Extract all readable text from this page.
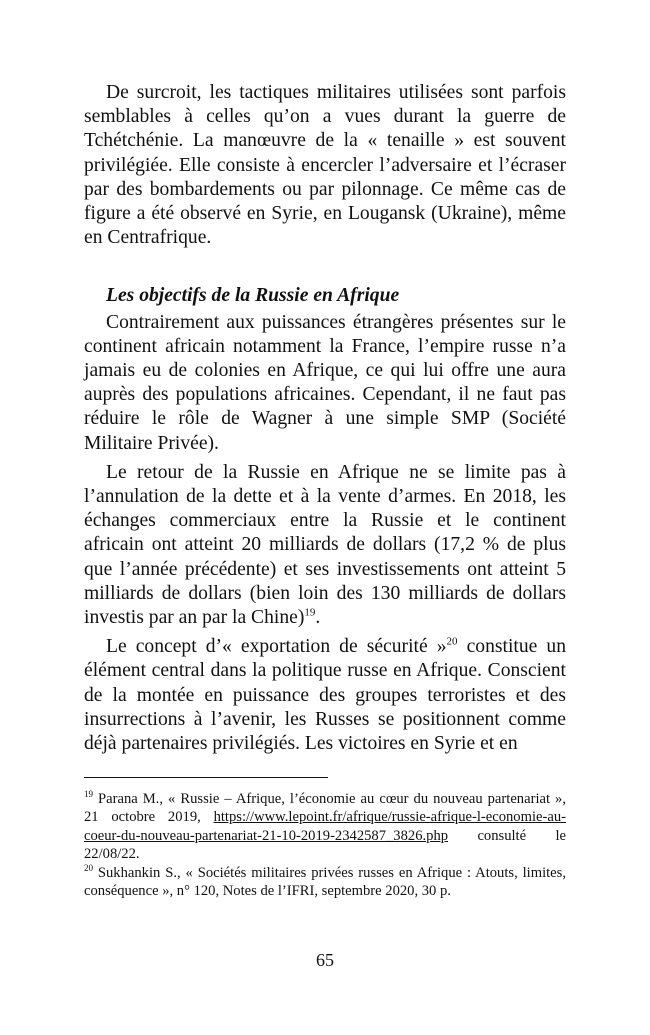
De surcroit, les tactiques militaires utilisées sont parfois semblables à celles qu’on a vues durant la guerre de Tchétchénie. La manœuvre de la « tenaille » est souvent privilégiée. Elle consiste à encercler l’adversaire et l’écraser par des bombardements ou par pilonnage. Ce même cas de figure a été observé en Syrie, en Lougansk (Ukraine), même en Centrafrique.

Les objectifs de la Russie en Afrique

Contrairement aux puissances étrangères présentes sur le continent africain notamment la France, l’empire russe n’a jamais eu de colonies en Afrique, ce qui lui offre une aura auprès des populations africaines. Cependant, il ne faut pas réduire le rôle de Wagner à une simple SMP (Société Militaire Privée).

Le retour de la Russie en Afrique ne se limite pas à l’annulation de la dette et à la vente d’armes. En 2018, les échanges commerciaux entre la Russie et le continent africain ont atteint 20 milliards de dollars (17,2 % de plus que l’année précédente) et ses investissements ont atteint 5 milliards de dollars (bien loin des 130 milliards de dollars investis par an par la Chine)$^{19}$.

Le concept d’« exportation de sécurité »$^{20}$ constitue un élément central dans la politique russe en Afrique. Conscient de la montée en puissance des groupes terroristes et des insurrections à l’avenir, les Russes se positionnent comme déjà partenaires privilégiés. Les victoires en Syrie et en

$^{19}$ Parana M., « Russie – Afrique, l’économie au cœur du nouveau partenariat », 21 octobre 2019, https://www.lepoint.fr/afrique/russie-afrique-l-economie-au-coeur-du-nouveau-partenariat-21-10-2019-2342587_3826.php consulté le 22/08/22.

$^{20}$ Sukhankin S., « Sociétés militaires privées russes en Afrique : Atouts, limites, conséquence », n° 120, Notes de l’IFRI, septembre 2020, 30 p.

65
